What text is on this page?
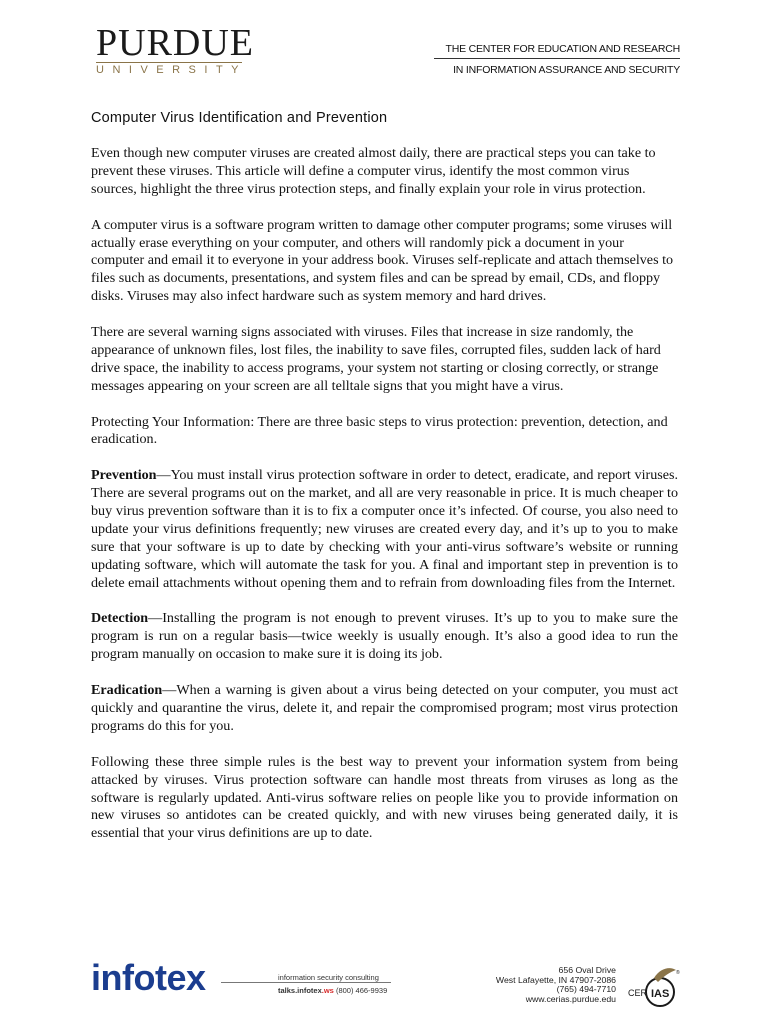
PURDUE
UNIVERSITY
THE CENTER FOR EDUCATION AND RESEARCH
IN INFORMATION ASSURANCE AND SECURITY
Computer Virus Identification and Prevention

Even though new computer viruses are created almost daily, there are practical steps you can take to prevent these viruses. This article will define a computer virus, identify the most common virus sources, highlight the three virus protection steps, and finally explain your role in virus protection.

A computer virus is a software program written to damage other computer programs; some viruses will actually erase everything on your computer, and others will randomly pick a document in your computer and email it to everyone in your address book. Viruses self-replicate and attach themselves to files such as documents, presentations, and system files and can be spread by email, CDs, and floppy disks. Viruses may also infect hardware such as system memory and hard drives.

There are several warning signs associated with viruses. Files that increase in size randomly, the appearance of unknown files, lost files, the inability to save files, corrupted files, sudden lack of hard drive space, the inability to access programs, your system not starting or closing correctly, or strange messages appearing on your screen are all telltale signs that you might have a virus.

Protecting Your Information: There are three basic steps to virus protection: prevention, detection, and eradication.

Prevention—You must install virus protection software in order to detect, eradicate, and report viruses. There are several programs out on the market, and all are very reasonable in price. It is much cheaper to buy virus prevention software than it is to fix a computer once it’s infected. Of course, you also need to update your virus definitions frequently; new viruses are created every day, and it’s up to you to make sure that your software is up to date by checking with your anti-virus software’s website or running updating software, which will automate the task for you. A final and important step in prevention is to delete email attachments without opening them and to refrain from downloading files from the Internet.

Detection—Installing the program is not enough to prevent viruses. It’s up to you to make sure the program is run on a regular basis—twice weekly is usually enough. It’s also a good idea to run the program manually on occasion to make sure it is doing its job.

Eradication—When a warning is given about a virus being detected on your computer, you must act quickly and quarantine the virus, delete it, and repair the compromised program; most virus protection programs do this for you.

Following these three simple rules is the best way to prevent your information system from being attacked by viruses. Virus protection software can handle most threats from viruses as long as the software is regularly updated. Anti-virus software relies on people like you to provide information on new viruses so antidotes can be created quickly, and with new viruses being generated daily, it is essential that your virus definitions are up to date.

infotex	information security consulting
talks.infotex.ws (800) 466-9939
656 Oval Drive
West Lafayette, IN 47907-2086
(765) 494-7710
www.cerias.purdue.edu
CER IAS
®
